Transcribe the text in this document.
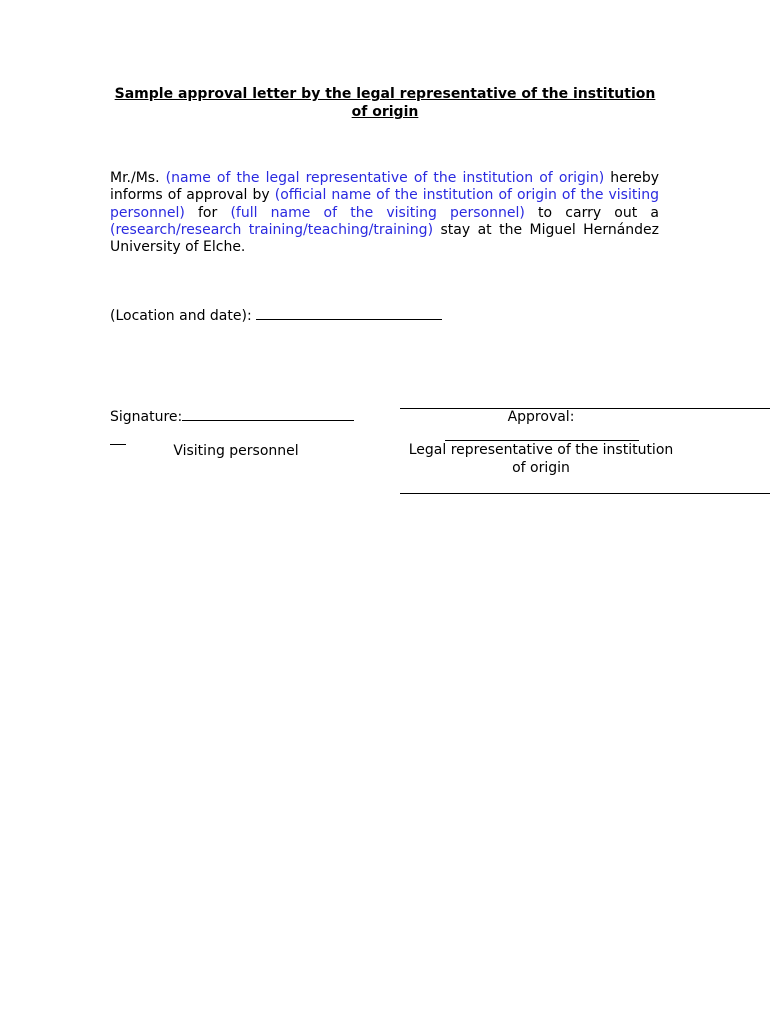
Sample approval letter by the legal representative of the institution of origin
Mr./Ms. (name of the legal representative of the institution of origin) hereby informs of approval by (official name of the institution of origin of the visiting personnel) for (full name of the visiting personnel) to carry out a (research/research training/teaching/training) stay at the Miguel Hernández University of Elche.
(Location and date):
Signature:
Visiting personnel
Approval:
Legal representative of the institution of origin
